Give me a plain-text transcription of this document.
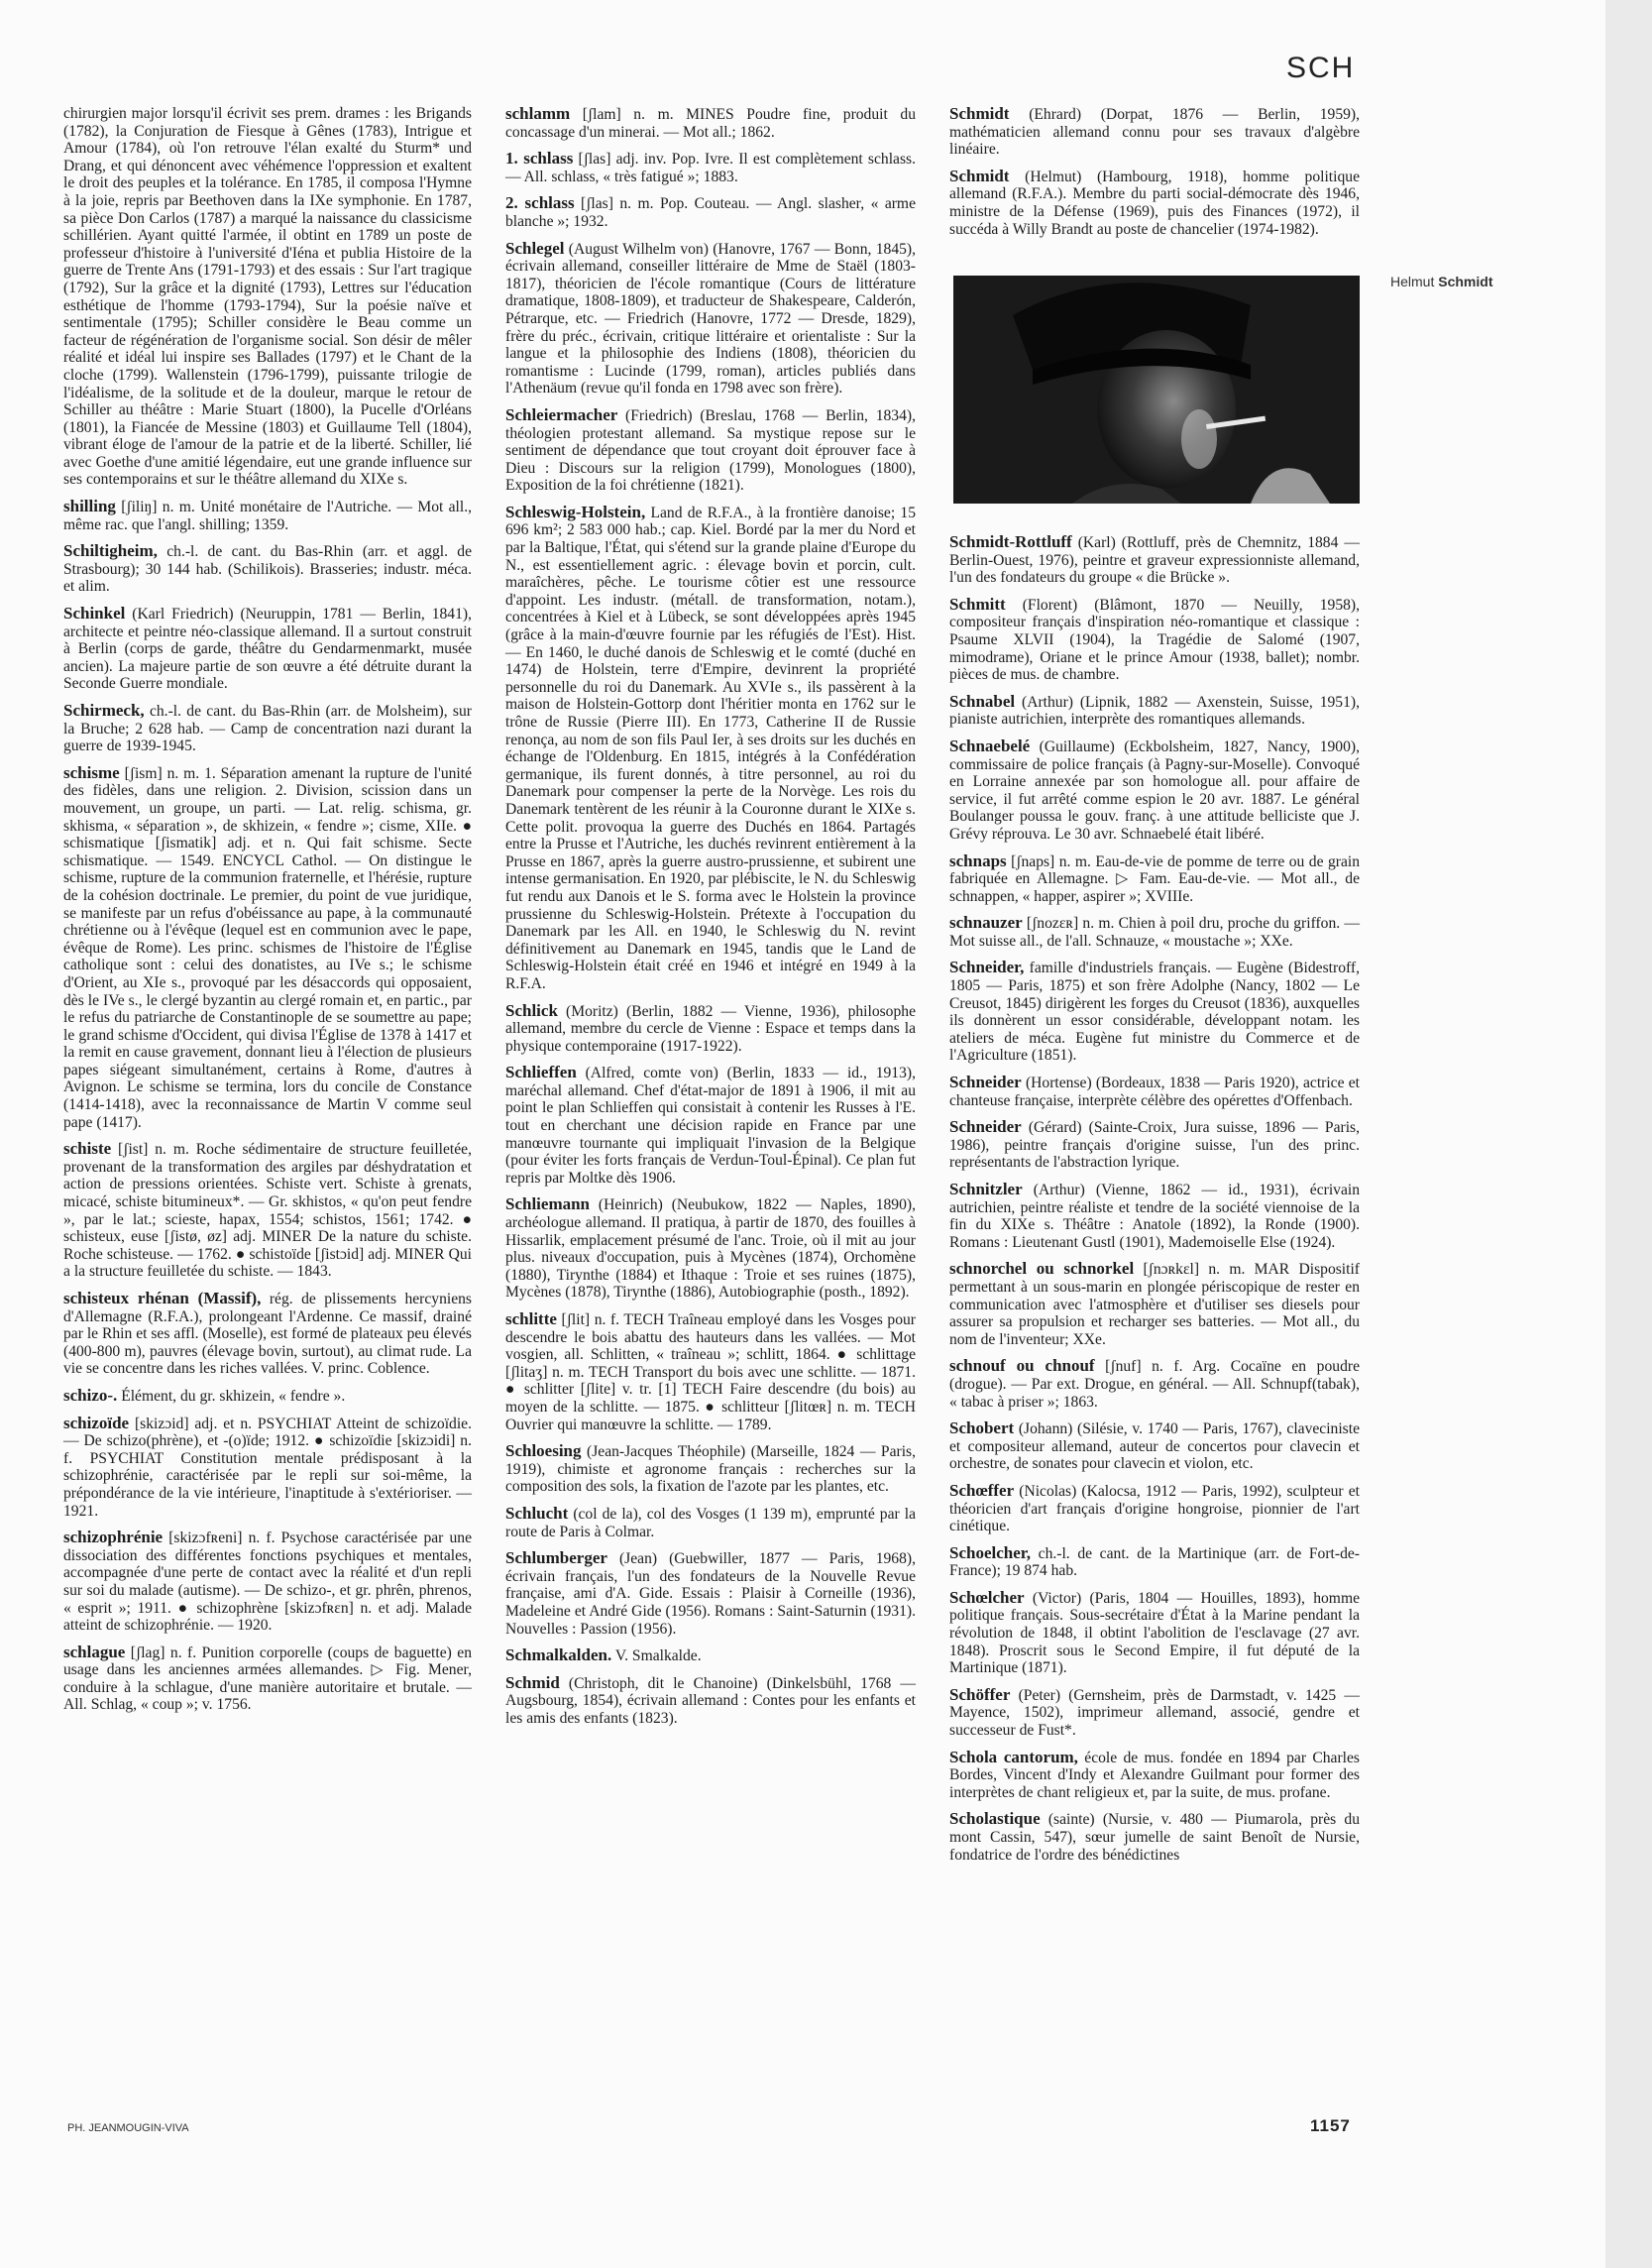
SCH

chirurgien major lorsqu'il écrivit ses prem. drames : les Brigands (1782), la Conjuration de Fiesque à Gênes (1783), Intrigue et Amour (1784), où l'on retrouve l'élan exalté du Sturm* und Drang, et qui dénoncent avec véhémence l'oppression et exaltent le droit des peuples et la tolérance. En 1785, il composa l'Hymne à la joie, repris par Beethoven dans la IXe symphonie. En 1787, sa pièce Don Carlos (1787) a marqué la naissance du classicisme schillérien. Ayant quitté l'armée, il obtint en 1789 un poste de professeur d'histoire à l'université d'Iéna et publia Histoire de la guerre de Trente Ans (1791-1793) et des essais : Sur l'art tragique (1792), Sur la grâce et la dignité (1793), Lettres sur l'éducation esthétique de l'homme (1793-1794), Sur la poésie naïve et sentimentale (1795); Schiller considère le Beau comme un facteur de régénération de l'organisme social. Son désir de mêler réalité et idéal lui inspire ses Ballades (1797) et le Chant de la cloche (1799). Wallenstein (1796-1799), puissante trilogie de l'idéalisme, de la solitude et de la douleur, marque le retour de Schiller au théâtre : Marie Stuart (1800), la Pucelle d'Orléans (1801), la Fiancée de Messine (1803) et Guillaume Tell (1804), vibrant éloge de l'amour de la patrie et de la liberté. Schiller, lié avec Goethe d'une amitié légendaire, eut une grande influence sur ses contemporains et sur le théâtre allemand du XIXe s.

shilling [ʃiliŋ] n. m. Unité monétaire de l'Autriche. — Mot all., même rac. que l'angl. shilling; 1359.

Schiltigheim, ch.-l. de cant. du Bas-Rhin (arr. et aggl. de Strasbourg); 30 144 hab. (Schilikois). Brasseries; industr. méca. et alim.

Schinkel (Karl Friedrich) (Neuruppin, 1781 — Berlin, 1841), architecte et peintre néo-classique allemand. Il a surtout construit à Berlin (corps de garde, théâtre du Gendarmenmarkt, musée ancien). La majeure partie de son œuvre a été détruite durant la Seconde Guerre mondiale.

Schirmeck, ch.-l. de cant. du Bas-Rhin (arr. de Molsheim), sur la Bruche; 2 628 hab. — Camp de concentration nazi durant la guerre de 1939-1945.

schisme [ʃism] n. m. 1. Séparation amenant la rupture de l'unité des fidèles, dans une religion. 2. Division, scission dans un mouvement, un groupe, un parti. — Lat. relig. schisma, gr. skhisma, « séparation », de skhizein, « fendre »; cisme, XIIe. ● schismatique [ʃismatik] adj. et n. Qui fait schisme. Secte schismatique. — 1549. ENCYCL Cathol. — On distingue le schisme, rupture de la communion fraternelle, et l'hérésie, rupture de la cohésion doctrinale. Le premier, du point de vue juridique, se manifeste par un refus d'obéissance au pape, à la communauté chrétienne ou à l'évêque (lequel est en communion avec le pape, évêque de Rome). Les princ. schismes de l'histoire de l'Église catholique sont : celui des donatistes, au IVe s.; le schisme d'Orient, au XIe s., provoqué par les désaccords qui opposaient, dès le IVe s., le clergé byzantin au clergé romain et, en partic., par le refus du patriarche de Constantinople de se soumettre au pape; le grand schisme d'Occident, qui divisa l'Église de 1378 à 1417 et la remit en cause gravement, donnant lieu à l'élection de plusieurs papes siégeant simultanément, certains à Rome, d'autres à Avignon. Le schisme se termina, lors du concile de Constance (1414-1418), avec la reconnaissance de Martin V comme seul pape (1417).

schiste [ʃist] n. m. Roche sédimentaire de structure feuilletée, provenant de la transformation des argiles par déshydratation et action de pressions orientées. Schiste vert. Schiste à grenats, micacé, schiste bitumineux*. — Gr. skhistos, « qu'on peut fendre », par le lat.; scieste, hapax, 1554; schistos, 1561; 1742. ● schisteux, euse [ʃistø, øz] adj. MINER De la nature du schiste. Roche schisteuse. — 1762. ● schistoïde [ʃistɔid] adj. MINER Qui a la structure feuilletée du schiste. — 1843.

schisteux rhénan (Massif), rég. de plissements hercyniens d'Allemagne (R.F.A.), prolongeant l'Ardenne. Ce massif, drainé par le Rhin et ses affl. (Moselle), est formé de plateaux peu élevés (400-800 m), pauvres (élevage bovin, surtout), au climat rude. La vie se concentre dans les riches vallées. V. princ. Coblence.

schizo-. Élément, du gr. skhizein, « fendre ».

schizoïde [skizɔid] adj. et n. PSYCHIAT Atteint de schizoïdie. — De schizo(phrène), et -(o)ïde; 1912. ● schizoïdie [skizɔidi] n. f. PSYCHIAT Constitution mentale prédisposant à la schizophrénie, caractérisée par le repli sur soi-même, la prépondérance de la vie intérieure, l'inaptitude à s'extérioriser. — 1921.

schizophrénie [skizɔfʀeni] n. f. Psychose caractérisée par une dissociation des différentes fonctions psychiques et mentales, accompagnée d'une perte de contact avec la réalité et d'un repli sur soi du malade (autisme). — De schizo-, et gr. phrên, phrenos, « esprit »; 1911. ● schizophrène [skizɔfʀɛn] n. et adj. Malade atteint de schizophrénie. — 1920.

schlague [ʃlag] n. f. Punition corporelle (coups de baguette) en usage dans les anciennes armées allemandes. ▷ Fig. Mener, conduire à la schlague, d'une manière autoritaire et brutale. — All. Schlag, « coup »; v. 1756.

schlamm [ʃlam] n. m. MINES Poudre fine, produit du concassage d'un minerai. — Mot all.; 1862.

1. schlass [ʃlas] adj. inv. Pop. Ivre. Il est complètement schlass. — All. schlass, « très fatigué »; 1883.

2. schlass [ʃlas] n. m. Pop. Couteau. — Angl. slasher, « arme blanche »; 1932.

Schlegel (August Wilhelm von) (Hanovre, 1767 — Bonn, 1845), écrivain allemand, conseiller littéraire de Mme de Staël (1803-1817), théoricien de l'école romantique (Cours de littérature dramatique, 1808-1809), et traducteur de Shakespeare, Calderón, Pétrarque, etc. — Friedrich (Hanovre, 1772 — Dresde, 1829), frère du préc., écrivain, critique littéraire et orientaliste : Sur la langue et la philosophie des Indiens (1808), théoricien du romantisme : Lucinde (1799, roman), articles publiés dans l'Athenäum (revue qu'il fonda en 1798 avec son frère).

Schleiermacher (Friedrich) (Breslau, 1768 — Berlin, 1834), théologien protestant allemand. Sa mystique repose sur le sentiment de dépendance que tout croyant doit éprouver face à Dieu : Discours sur la religion (1799), Monologues (1800), Exposition de la foi chrétienne (1821).

Schleswig-Holstein, Land de R.F.A., à la frontière danoise; 15 696 km²; 2 583 000 hab.; cap. Kiel. Bordé par la mer du Nord et par la Baltique, l'État, qui s'étend sur la grande plaine d'Europe du N., est essentiellement agric. : élevage bovin et porcin, cult. maraîchères, pêche. Le tourisme côtier est une ressource d'appoint. Les industr. (métall. de transformation, notam.), concentrées à Kiel et à Lübeck, se sont développées après 1945 (grâce à la main-d'œuvre fournie par les réfugiés de l'Est). Hist. — En 1460, le duché danois de Schleswig et le comté (duché en 1474) de Holstein, terre d'Empire, devinrent la propriété personnelle du roi du Danemark. Au XVIe s., ils passèrent à la maison de Holstein-Gottorp dont l'héritier monta en 1762 sur le trône de Russie (Pierre III). En 1773, Catherine II de Russie renonça, au nom de son fils Paul Ier, à ses droits sur les duchés en échange de l'Oldenburg. En 1815, intégrés à la Confédération germanique, ils furent donnés, à titre personnel, au roi du Danemark pour compenser la perte de la Norvège. Les rois du Danemark tentèrent de les réunir à la Couronne durant le XIXe s. Cette polit. provoqua la guerre des Duchés en 1864. Partagés entre la Prusse et l'Autriche, les duchés revinrent entièrement à la Prusse en 1867, après la guerre austro-prussienne, et subirent une intense germanisation. En 1920, par plébiscite, le N. du Schleswig fut rendu aux Danois et le S. forma avec le Holstein la province prussienne du Schleswig-Holstein. Prétexte à l'occupation du Danemark par les All. en 1940, le Schleswig du N. revint définitivement au Danemark en 1945, tandis que le Land de Schleswig-Holstein était créé en 1946 et intégré en 1949 à la R.F.A.

Schlick (Moritz) (Berlin, 1882 — Vienne, 1936), philosophe allemand, membre du cercle de Vienne : Espace et temps dans la physique contemporaine (1917-1922).

Schlieffen (Alfred, comte von) (Berlin, 1833 — id., 1913), maréchal allemand. Chef d'état-major de 1891 à 1906, il mit au point le plan Schlieffen qui consistait à contenir les Russes à l'E. tout en cherchant une décision rapide en France par une manœuvre tournante qui impliquait l'invasion de la Belgique (pour éviter les forts français de Verdun-Toul-Épinal). Ce plan fut repris par Moltke dès 1906.

Schliemann (Heinrich) (Neubukow, 1822 — Naples, 1890), archéologue allemand. Il pratiqua, à partir de 1870, des fouilles à Hissarlik, emplacement présumé de l'anc. Troie, où il mit au jour plus. niveaux d'occupation, puis à Mycènes (1874), Orchomène (1880), Tirynthe (1884) et Ithaque : Troie et ses ruines (1875), Mycènes (1878), Tirynthe (1886), Autobiographie (posth., 1892).

schlitte [ʃlit] n. f. TECH Traîneau employé dans les Vosges pour descendre le bois abattu des hauteurs dans les vallées. — Mot vosgien, all. Schlitten, « traîneau »; schlitt, 1864. ● schlittage [ʃlitaʒ] n. m. TECH Transport du bois avec une schlitte. — 1871. ● schlitter [ʃlite] v. tr. [1] TECH Faire descendre (du bois) au moyen de la schlitte. — 1875. ● schlitteur [ʃlitœʀ] n. m. TECH Ouvrier qui manœuvre la schlitte. — 1789.

Schloesing (Jean-Jacques Théophile) (Marseille, 1824 — Paris, 1919), chimiste et agronome français : recherches sur la composition des sols, la fixation de l'azote par les plantes, etc.

Schlucht (col de la), col des Vosges (1 139 m), emprunté par la route de Paris à Colmar.

Schlumberger (Jean) (Guebwiller, 1877 — Paris, 1968), écrivain français, l'un des fondateurs de la Nouvelle Revue française, ami d'A. Gide. Essais : Plaisir à Corneille (1936), Madeleine et André Gide (1956). Romans : Saint-Saturnin (1931). Nouvelles : Passion (1956).

Schmalkalden. V. Smalkalde.

Schmid (Christoph, dit le Chanoine) (Dinkelsbühl, 1768 — Augsbourg, 1854), écrivain allemand : Contes pour les enfants et les amis des enfants (1823).

Schmidt (Ehrard) (Dorpat, 1876 — Berlin, 1959), mathématicien allemand connu pour ses travaux d'algèbre linéaire.

Schmidt (Helmut) (Hambourg, 1918), homme politique allemand (R.F.A.). Membre du parti social-démocrate dès 1946, ministre de la Défense (1969), puis des Finances (1972), il succéda à Willy Brandt au poste de chancelier (1974-1982).

Helmut Schmidt

Schmidt-Rottluff (Karl) (Rottluff, près de Chemnitz, 1884 — Berlin-Ouest, 1976), peintre et graveur expressionniste allemand, l'un des fondateurs du groupe « die Brücke ».

Schmitt (Florent) (Blâmont, 1870 — Neuilly, 1958), compositeur français d'inspiration néo-romantique et classique : Psaume XLVII (1904), la Tragédie de Salomé (1907, mimodrame), Oriane et le prince Amour (1938, ballet); nombr. pièces de mus. de chambre.

Schnabel (Arthur) (Lipnik, 1882 — Axenstein, Suisse, 1951), pianiste autrichien, interprète des romantiques allemands.

Schnaebelé (Guillaume) (Eckbolsheim, 1827, Nancy, 1900), commissaire de police français (à Pagny-sur-Moselle). Convoqué en Lorraine annexée par son homologue all. pour affaire de service, il fut arrêté comme espion le 20 avr. 1887. Le général Boulanger poussa le gouv. franç. à une attitude belliciste que J. Grévy réprouva. Le 30 avr. Schnaebelé était libéré.

schnaps [ʃnaps] n. m. Eau-de-vie de pomme de terre ou de grain fabriquée en Allemagne. ▷ Fam. Eau-de-vie. — Mot all., de schnappen, « happer, aspirer »; XVIIIe.

schnauzer [ʃnozɛʀ] n. m. Chien à poil dru, proche du griffon. — Mot suisse all., de l'all. Schnauze, « moustache »; XXe.

Schneider, famille d'industriels français. — Eugène (Bidestroff, 1805 — Paris, 1875) et son frère Adolphe (Nancy, 1802 — Le Creusot, 1845) dirigèrent les forges du Creusot (1836), auxquelles ils donnèrent un essor considérable, développant notam. les ateliers de méca. Eugène fut ministre du Commerce et de l'Agriculture (1851).

Schneider (Hortense) (Bordeaux, 1838 — Paris 1920), actrice et chanteuse française, interprète célèbre des opérettes d'Offenbach.

Schneider (Gérard) (Sainte-Croix, Jura suisse, 1896 — Paris, 1986), peintre français d'origine suisse, l'un des princ. représentants de l'abstraction lyrique.

Schnitzler (Arthur) (Vienne, 1862 — id., 1931), écrivain autrichien, peintre réaliste et tendre de la société viennoise de la fin du XIXe s. Théâtre : Anatole (1892), la Ronde (1900). Romans : Lieutenant Gustl (1901), Mademoiselle Else (1924).

schnorchel ou schnorkel [ʃnɔʀkɛl] n. m. MAR Dispositif permettant à un sous-marin en plongée périscopique de rester en communication avec l'atmosphère et d'utiliser ses diesels pour assurer sa propulsion et recharger ses batteries. — Mot all., du nom de l'inventeur; XXe.

schnouf ou chnouf [ʃnuf] n. f. Arg. Cocaïne en poudre (drogue). — Par ext. Drogue, en général. — All. Schnupf(tabak), « tabac à priser »; 1863.

Schobert (Johann) (Silésie, v. 1740 — Paris, 1767), claveciniste et compositeur allemand, auteur de concertos pour clavecin et orchestre, de sonates pour clavecin et violon, etc.

Schœffer (Nicolas) (Kalocsa, 1912 — Paris, 1992), sculpteur et théoricien d'art français d'origine hongroise, pionnier de l'art cinétique.

Schoelcher, ch.-l. de cant. de la Martinique (arr. de Fort-de-France); 19 874 hab.

Schœlcher (Victor) (Paris, 1804 — Houilles, 1893), homme politique français. Sous-secrétaire d'État à la Marine pendant la révolution de 1848, il obtint l'abolition de l'esclavage (27 avr. 1848). Proscrit sous le Second Empire, il fut député de la Martinique (1871).

Schöffer (Peter) (Gernsheim, près de Darmstadt, v. 1425 — Mayence, 1502), imprimeur allemand, associé, gendre et successeur de Fust*.

Schola cantorum, école de mus. fondée en 1894 par Charles Bordes, Vincent d'Indy et Alexandre Guilmant pour former des interprètes de chant religieux et, par la suite, de mus. profane.

Scholastique (sainte) (Nursie, v. 480 — Piumarola, près du mont Cassin, 547), sœur jumelle de saint Benoît de Nursie, fondatrice de l'ordre des bénédictines

PH. JEANMOUGIN-VIVA	1157
